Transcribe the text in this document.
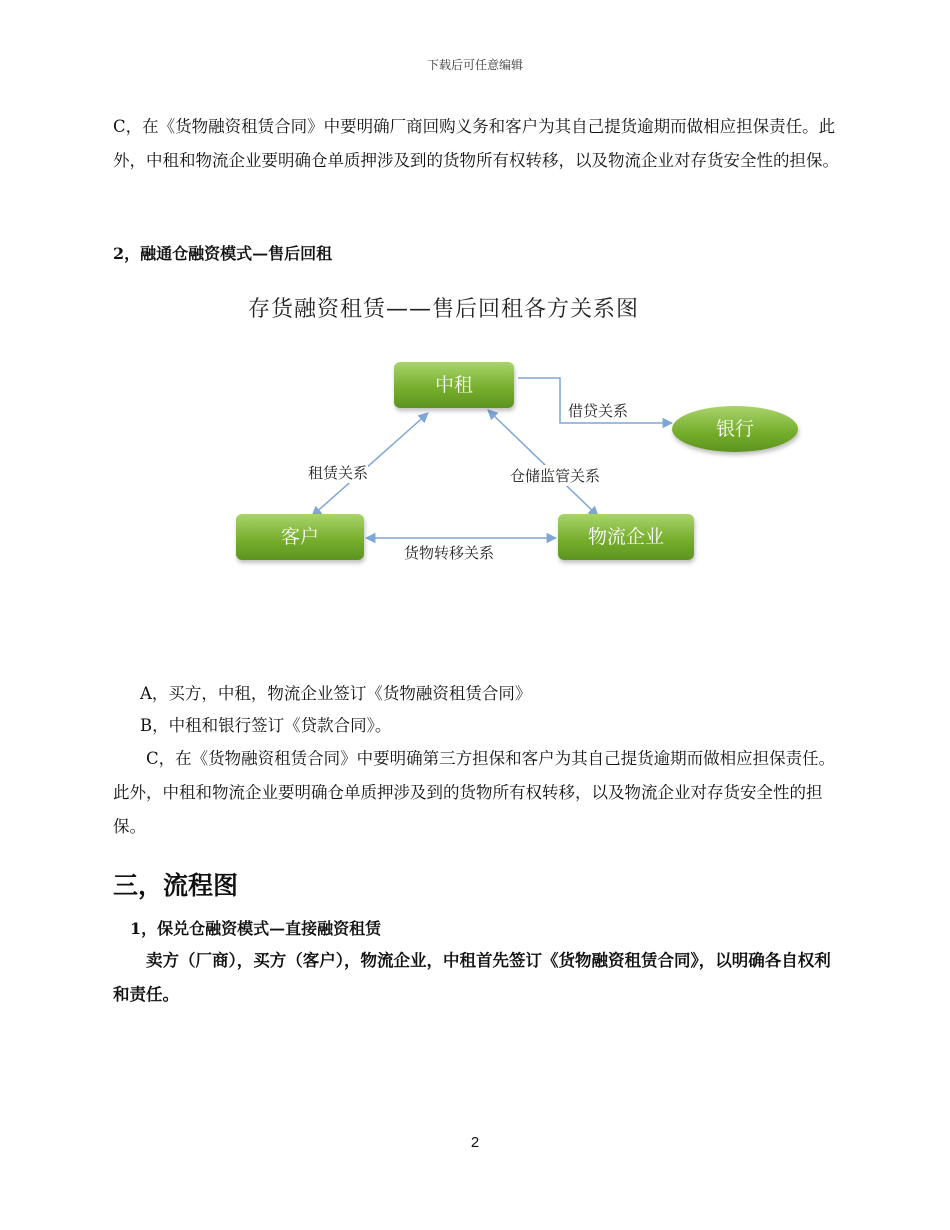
下载后可任意编辑

C，在《货物融资租赁合同》中要明确厂商回购义务和客户为其自己提货逾期而做相应担保责任。此外，中租和物流企业要明确仓单质押涉及到的货物所有权转移，以及物流企业对存货安全性的担保。

2，融通仓融资模式—售后回租

存货融资租赁——售后回租各方关系图
中租
银行
客户	物流企业
借贷关系
租赁关系	仓储监管关系
货物转移关系

A，买方，中租，物流企业签订《货物融资租赁合同》

B，中租和银行签订《贷款合同》。

C，在《货物融资租赁合同》中要明确第三方担保和客户为其自己提货逾期而做相应担保责任。此外，中租和物流企业要明确仓单质押涉及到的货物所有权转移，以及物流企业对存货安全性的担保。

三，流程图

1，保兑仓融资模式—直接融资租赁

卖方（厂商），买方（客户），物流企业，中租首先签订《货物融资租赁合同》，以明确各自权利和责任。

2
